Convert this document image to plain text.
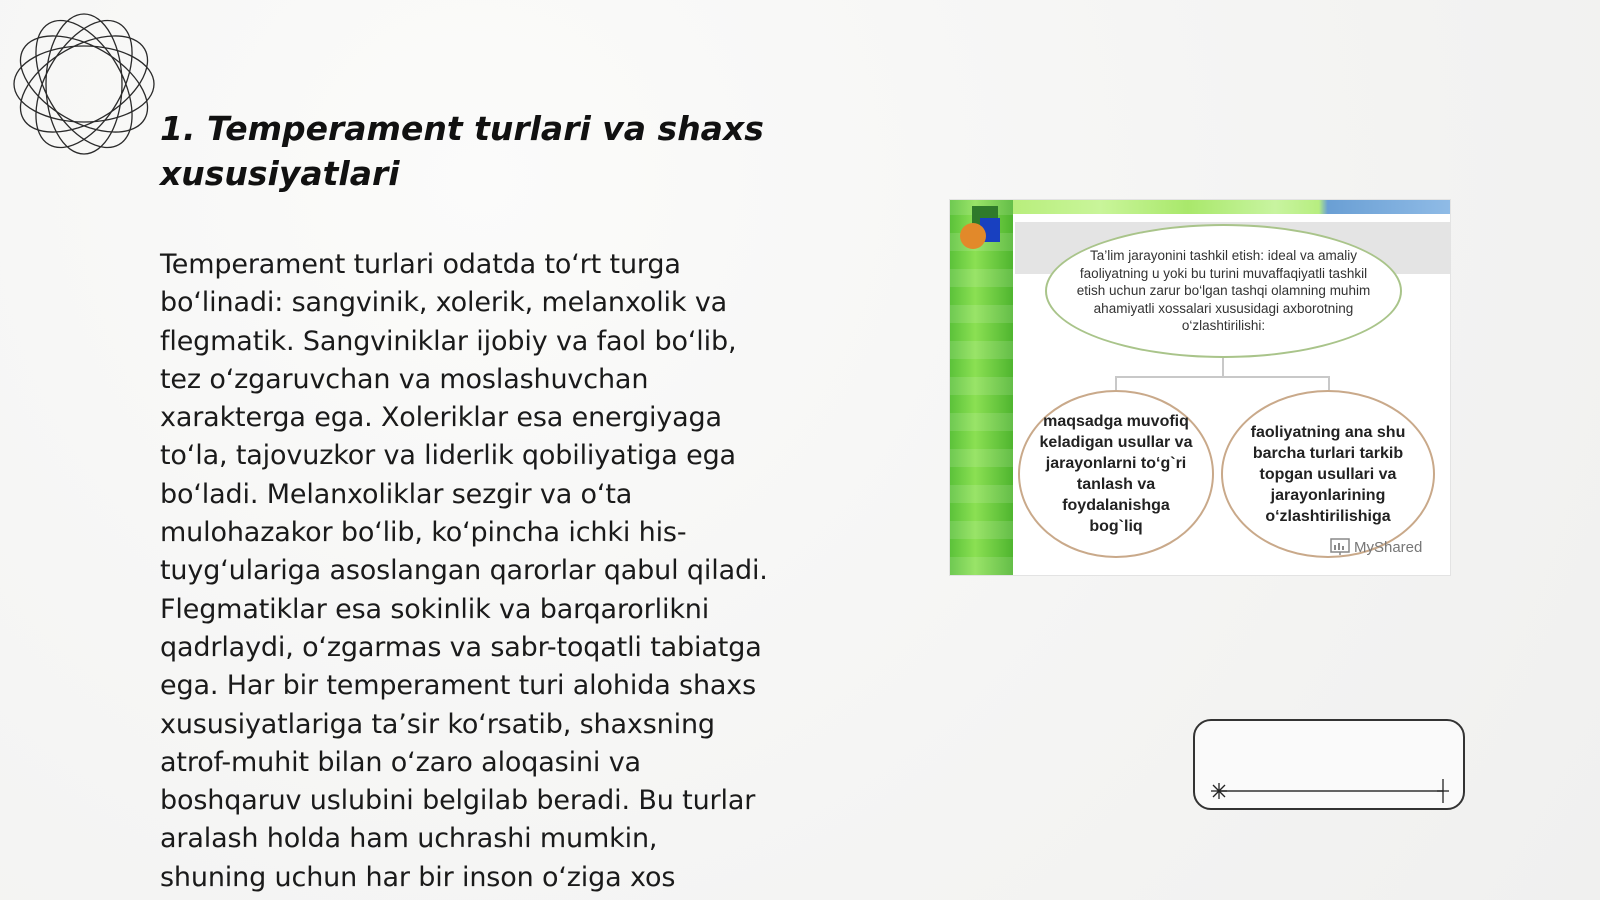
1. Temperament turlari va shaxs
xususiyatlari

Temperament turlari odatda to‘rt turga
bo‘linadi: sangvinik, xolerik, melanxolik va
flegmatik. Sangviniklar ijobiy va faol bo‘lib,
tez o‘zgaruvchan va moslashuvchan
xarakterga ega. Xoleriklar esa energiyaga
to‘la, tajovuzkor va liderlik qobiliyatiga ega
bo‘ladi. Melanxoliklar sezgir va o‘ta
mulohazakor bo‘lib, ko‘pincha ichki his-
tuyg‘ulariga asoslangan qarorlar qabul qiladi.
Flegmatiklar esa sokinlik va barqarorlikni
qadrlaydi, o‘zgarmas va sabr-toqatli tabiatga
ega. Har bir temperament turi alohida shaxs
xususiyatlariga ta’sir ko‘rsatib, shaxsning
atrof-muhit bilan o‘zaro aloqasini va
boshqaruv uslubini belgilab beradi. Bu turlar
aralash holda ham uchrashi mumkin,
shuning uchun har bir inson o‘ziga xos

Ta’lim jarayonini tashkil etish: ideal va amaliy faoliyatning u yoki bu turini muvaffaqiyatli tashkil etish uchun zarur bo‘lgan tashqi olamning muhim ahamiyatli xossalari xususidagi axborotning o‘zlashtirilishi:
maqsadga muvofiq keladigan usullar va jarayonlarni to‘g`ri tanlash va foydalanishga bog`liq
faoliyatning ana shu barcha turlari tarkib topgan usullari va jarayonlarining o‘zlashtirilishiga
MyShared
